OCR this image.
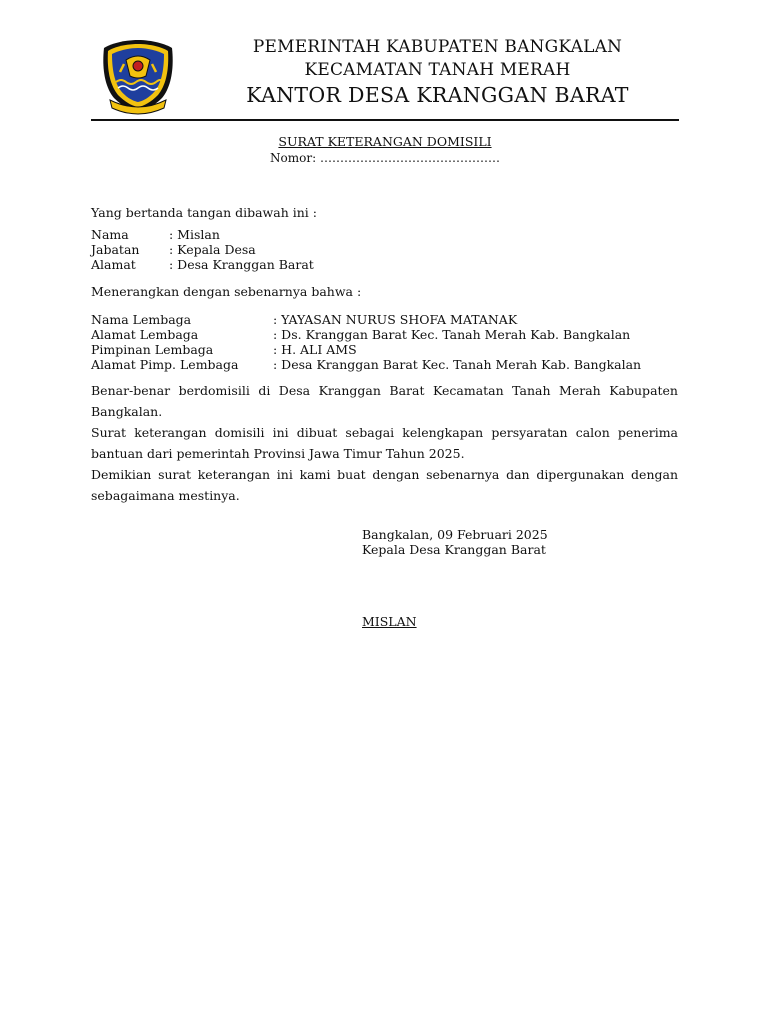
PEMERINTAH KABUPATEN BANGKALAN
KECAMATAN TANAH MERAH
KANTOR DESA KRANGGAN BARAT
SURAT KETERANGAN DOMISILI
Nomor: ………………………………………
Yang bertanda tangan dibawah ini :
Nama	: Mislan
Jabatan	: Kepala Desa
Alamat	: Desa Kranggan Barat
Menerangkan dengan sebenarnya bahwa :
Nama Lembaga	: YAYASAN NURUS SHOFA MATANAK
Alamat Lembaga	: Ds. Kranggan Barat Kec. Tanah Merah Kab. Bangkalan
Pimpinan Lembaga	: H. ALI AMS
Alamat Pimp. Lembaga	: Desa Kranggan Barat Kec. Tanah Merah Kab. Bangkalan

Benar-benar berdomisili di Desa Kranggan Barat Kecamatan Tanah Merah Kabupaten Bangkalan.

Surat keterangan domisili ini dibuat sebagai kelengkapan persyaratan calon penerima bantuan dari pemerintah Provinsi Jawa Timur Tahun 2025.

Demikian surat keterangan ini kami buat dengan sebenarnya dan dipergunakan dengan sebagaimana mestinya.

Bangkalan, 09 Februari 2025
Kepala Desa Kranggan Barat
MISLAN
